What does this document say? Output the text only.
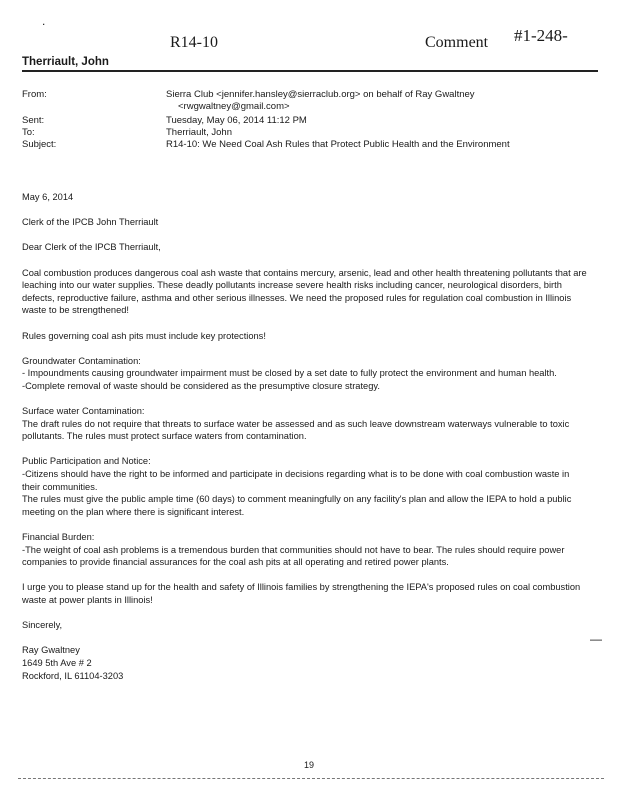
R14-10	Comment #1-248-
.
—
Therriault, John
From:	Sierra Club <jennifer.hansley@sierraclub.org> on behalf of Ray Gwaltney
<rwgwaltney@gmail.com>
Sent:	Tuesday, May 06, 2014 11:12 PM
To:	Therriault, John
Subject:	R14-10: We Need Coal Ash Rules that Protect Public Health and the Environment

May 6, 2014

Clerk of the IPCB John Therriault

Dear Clerk of the IPCB Therriault,

Coal combustion produces dangerous coal ash waste that contains mercury, arsenic, lead and other health threatening pollutants that are leaching into our water supplies. These deadly pollutants increase severe health risks including cancer, neurological disorders, birth defects, reproductive failure, asthma and other serious illnesses. We need the proposed rules for regulation coal combustion in Illinois waste to be strengthened!

Rules governing coal ash pits must include key protections!

Groundwater Contamination:

- Impoundments causing groundwater impairment must be closed by a set date to fully protect the environment and human health.

-Complete removal of waste should be considered as the presumptive closure strategy.

Surface water Contamination:

The draft rules do not require that threats to surface water be assessed and as such leave downstream waterways vulnerable to toxic pollutants. The rules must protect surface waters from contamination.

Public Participation and Notice:

-Citizens should have the right to be informed and participate in decisions regarding what is to be done with coal combustion waste in their communities.

The rules must give the public ample time (60 days) to comment meaningfully on any facility's plan and allow the IEPA to hold a public meeting on the plan where there is significant interest.

Financial Burden:

-The weight of coal ash problems is a tremendous burden that communities should not have to bear. The rules should require power companies to provide financial assurances for the coal ash pits at all operating and retired power plants.

I urge you to please stand up for the health and safety of Illinois families by strengthening the IEPA's proposed rules on coal combustion waste at power plants in Illinois!

Sincerely,

Ray Gwaltney

1649 5th Ave # 2

Rockford, IL 61104-3203

19
